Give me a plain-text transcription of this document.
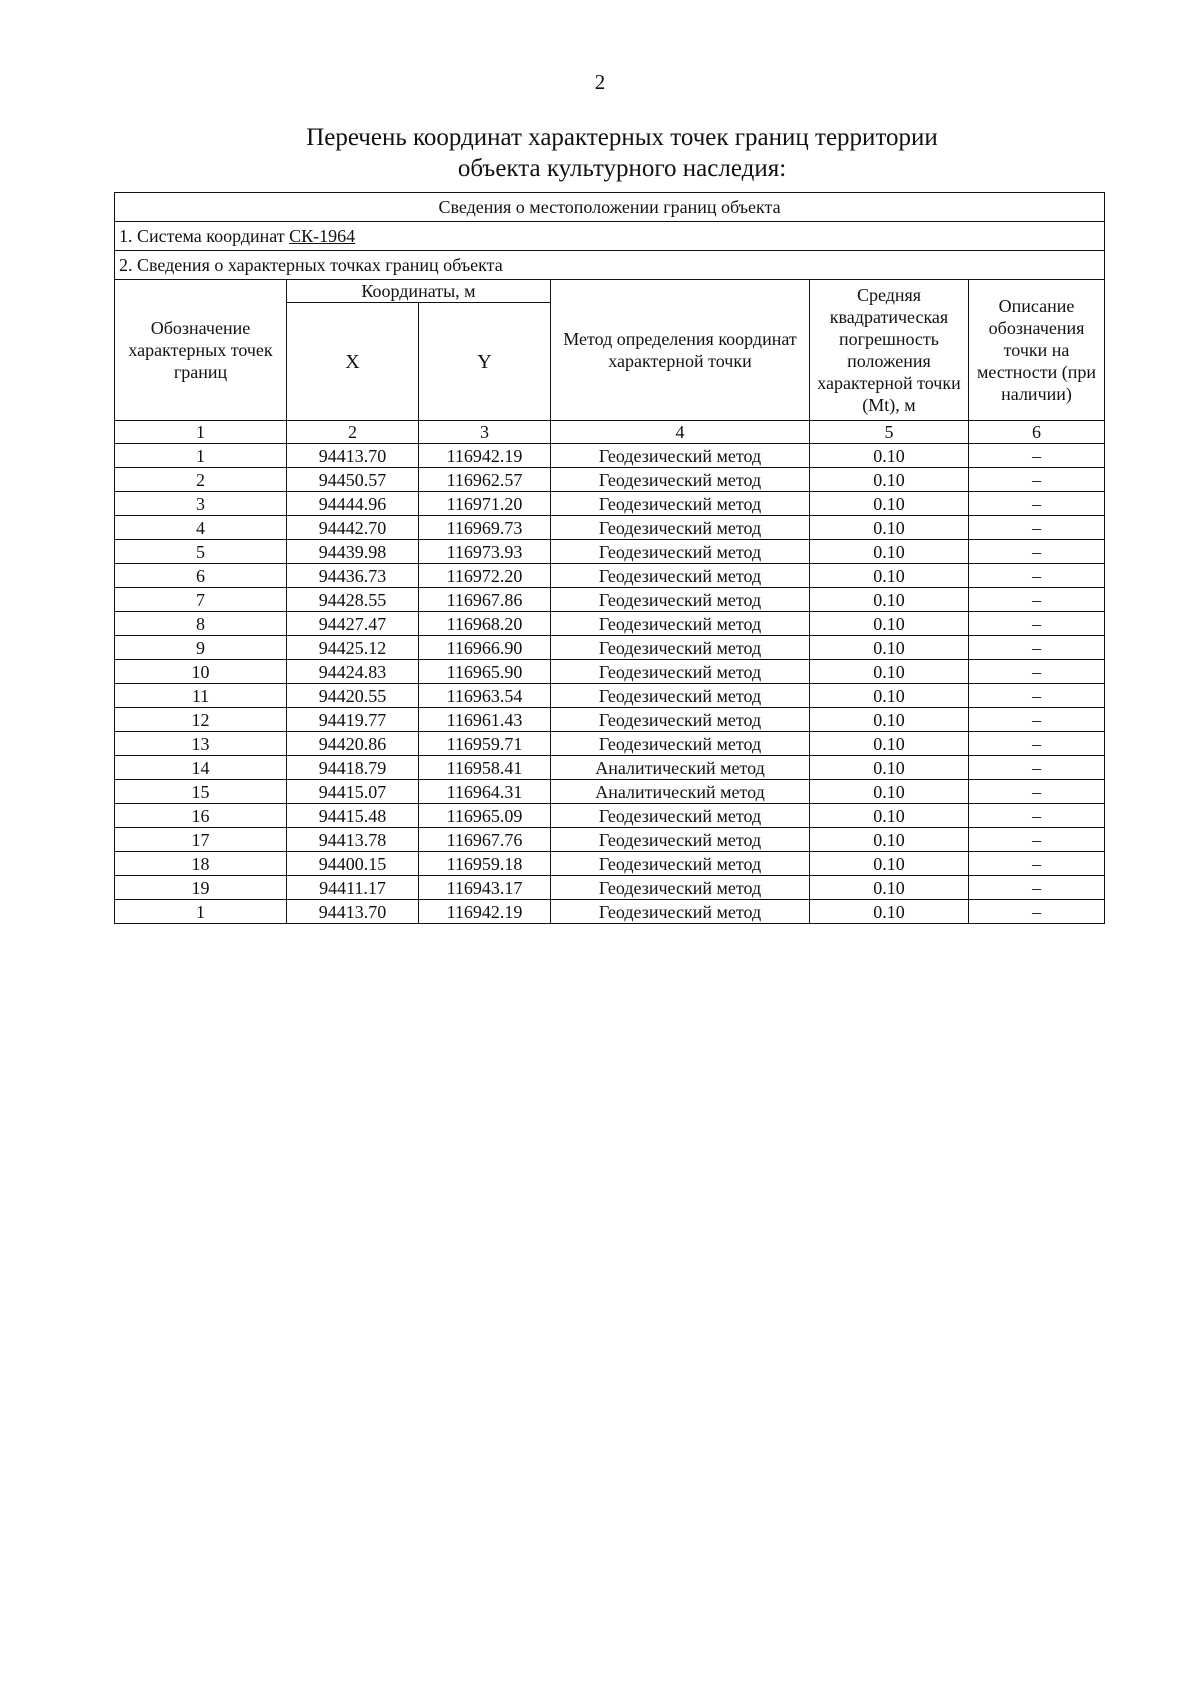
2
Перечень координат характерных точек границ территории
объекта культурного наследия:
Сведения о местоположении границ объекта					
1. Система координат СК-1964					
2. Сведения о характерных точках границ объекта					
Обозначение характерных точек границ	Координаты, м		Метод определения координат характерной точки	Средняя квадратическая погрешность положения характерной точки (Mt), м	Описание обозначения точки на местности (при наличии)
	X	Y			
1	2	3	4	5	6
1	94413.70	116942.19	Геодезический метод	0.10	–
2	94450.57	116962.57	Геодезический метод	0.10	–
3	94444.96	116971.20	Геодезический метод	0.10	–
4	94442.70	116969.73	Геодезический метод	0.10	–
5	94439.98	116973.93	Геодезический метод	0.10	–
6	94436.73	116972.20	Геодезический метод	0.10	–
7	94428.55	116967.86	Геодезический метод	0.10	–
8	94427.47	116968.20	Геодезический метод	0.10	–
9	94425.12	116966.90	Геодезический метод	0.10	–
10	94424.83	116965.90	Геодезический метод	0.10	–
11	94420.55	116963.54	Геодезический метод	0.10	–
12	94419.77	116961.43	Геодезический метод	0.10	–
13	94420.86	116959.71	Геодезический метод	0.10	–
14	94418.79	116958.41	Аналитический метод	0.10	–
15	94415.07	116964.31	Аналитический метод	0.10	–
16	94415.48	116965.09	Геодезический метод	0.10	–
17	94413.78	116967.76	Геодезический метод	0.10	–
18	94400.15	116959.18	Геодезический метод	0.10	–
19	94411.17	116943.17	Геодезический метод	0.10	–
1	94413.70	116942.19	Геодезический метод	0.10	–
